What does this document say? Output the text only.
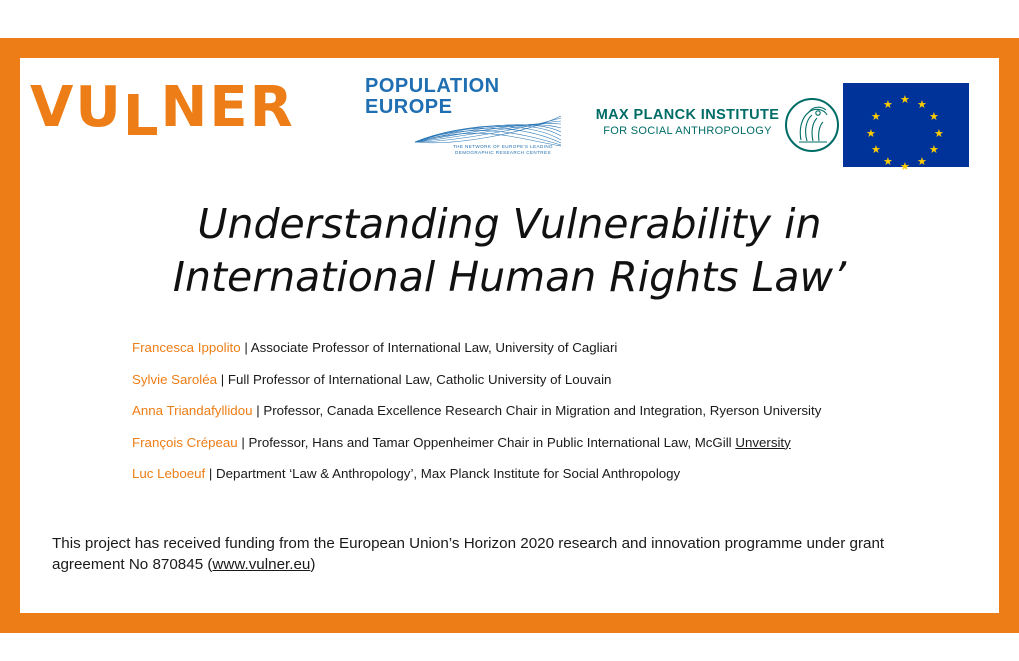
VULNER	POPULATION
EUROPE
THE NETWORK OF EUROPE'S LEADING DEMOGRAPHIC RESEARCH CENTRES
MAX PLANCK INSTITUTE
FOR SOCIAL ANTHROPOLOGY
★ ★
★
★
★
★
★
★
★
★
★
★
Understanding Vulnerability in
International Human Rights Law’
Francesca Ippolito | Associate Professor of International Law, University of Cagliari
Sylvie Saroléa | Full Professor of International Law, Catholic University of Louvain
Anna Triandafyllidou | Professor, Canada Excellence Research Chair in Migration and Integration, Ryerson University
François Crépeau | Professor, Hans and Tamar Oppenheimer Chair in Public International Law, McGill Unversity
Luc Leboeuf | Department ‘Law & Anthropology’, Max Planck Institute for Social Anthropology
This project has received funding from the European Union’s Horizon 2020 research and innovation programme under grant agreement No 870845 (www.vulner.eu)
